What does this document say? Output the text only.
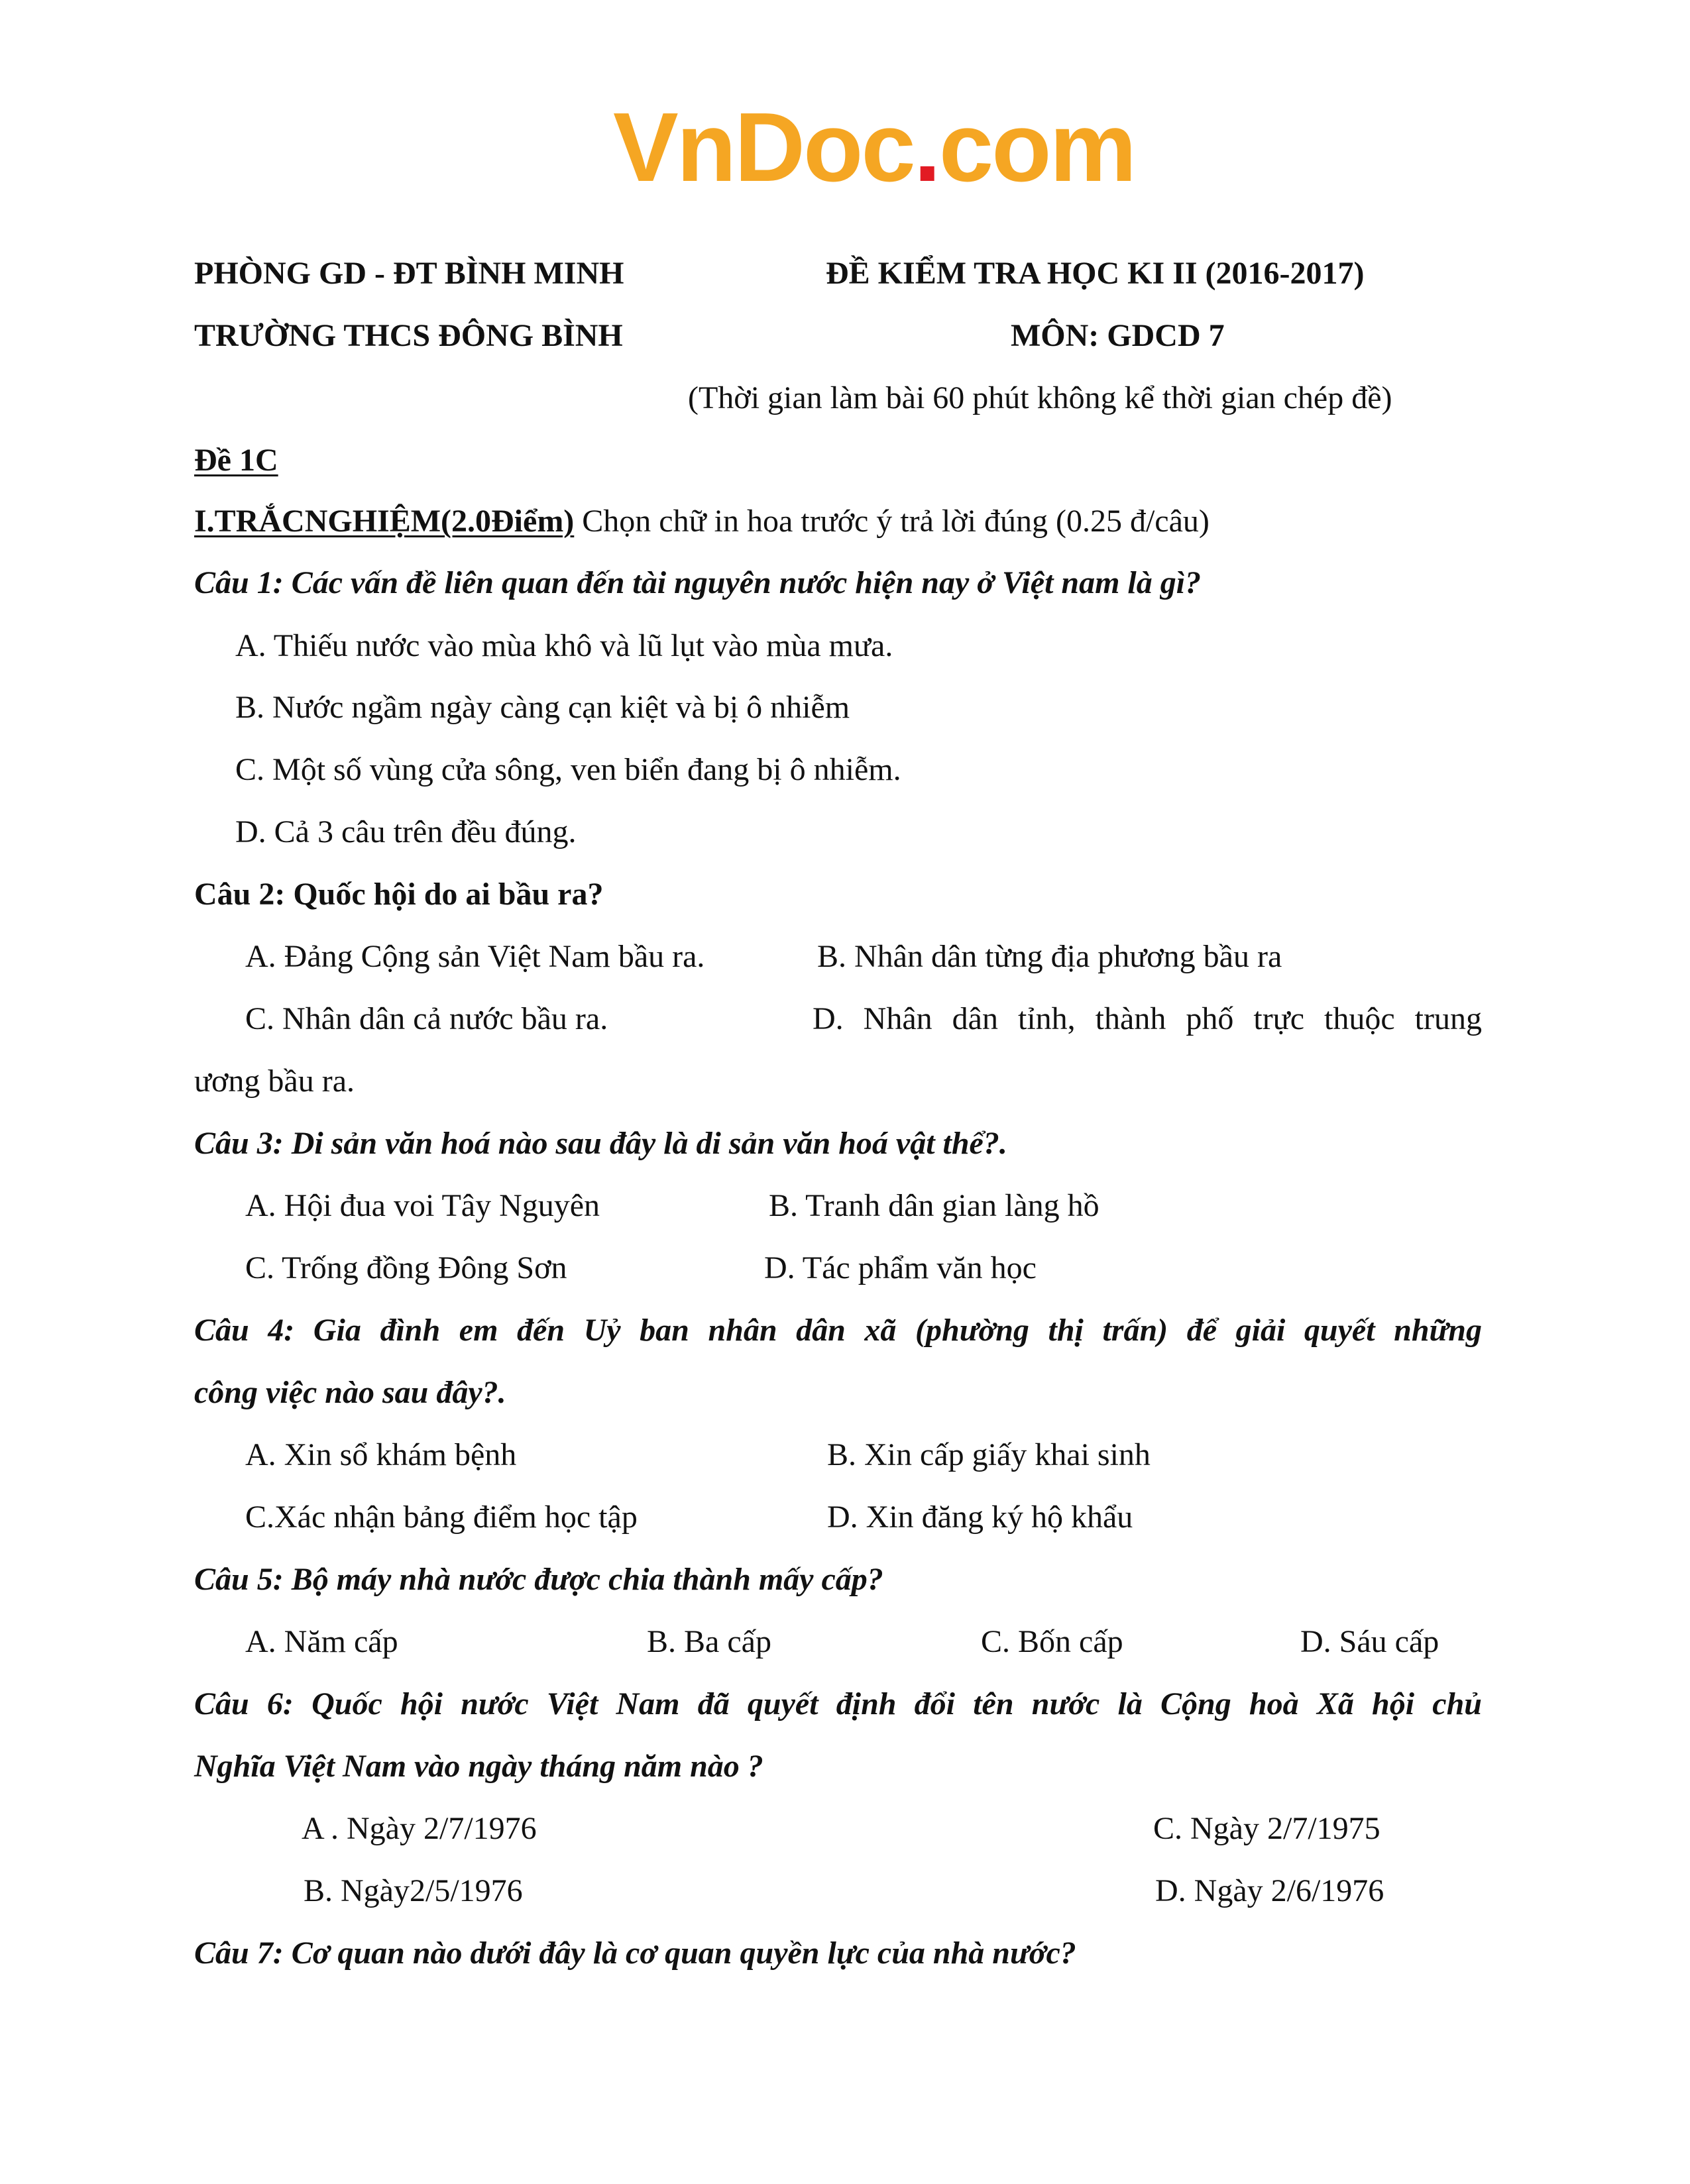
VnDoc.com
PHÒNG GD - ĐT BÌNH MINH	ĐỀ KIỂM TRA HỌC KI II (2016-2017)
TRƯỜNG THCS ĐÔNG BÌNH	MÔN: GDCD 7
(Thời gian làm bài 60 phút không kể thời gian chép đề)
Đề 1C
I.TRẮCNGHIỆM(2.0Điểm) Chọn chữ in hoa trước ý trả lời đúng (0.25 đ/câu)
Câu 1: Các vấn đề liên quan đến tài nguyên nước hiện nay ở Việt nam là gì?
A. Thiếu nước vào mùa khô và lũ lụt vào mùa mưa.
B. Nước ngầm ngày càng cạn kiệt và bị ô nhiễm
C. Một số vùng cửa sông, ven biển đang bị ô nhiễm.
D. Cả 3 câu trên đều đúng.
Câu 2: Quốc hội do ai bầu ra?
A. Đảng Cộng sản Việt Nam bầu ra.	B. Nhân dân từng địa phương bầu ra
C. Nhân dân cả nước bầu ra.	D. Nhân dân tỉnh, thành phố trực thuộc trung
ương bầu ra.
Câu 3: Di sản văn hoá nào sau đây là di sản văn hoá vật thể?.
A. Hội đua voi Tây Nguyên	B. Tranh dân gian làng hồ
C. Trống đồng Đông Sơn	D. Tác phẩm văn học
Câu 4: Gia đình em đến Uỷ ban nhân dân xã (phường thị trấn) để giải quyết những
công việc nào sau đây?.
A. Xin sổ khám bệnh	B. Xin cấp giấy khai sinh
C.Xác nhận bảng điểm học tập	D. Xin đăng ký hộ khẩu
Câu 5: Bộ máy nhà nước được chia thành mấy cấp?
A. Năm cấp	B. Ba cấp	C. Bốn cấp	D. Sáu cấp
Câu 6: Quốc hội nước Việt Nam đã quyết định đổi tên nước là Cộng hoà Xã hội chủ
Nghĩa Việt Nam vào ngày tháng năm nào ?
A . Ngày 2/7/1976	C. Ngày 2/7/1975
B. Ngày2/5/1976	D. Ngày 2/6/1976
Câu 7: Cơ quan nào dưới đây là cơ quan quyền lực của nhà nước?
